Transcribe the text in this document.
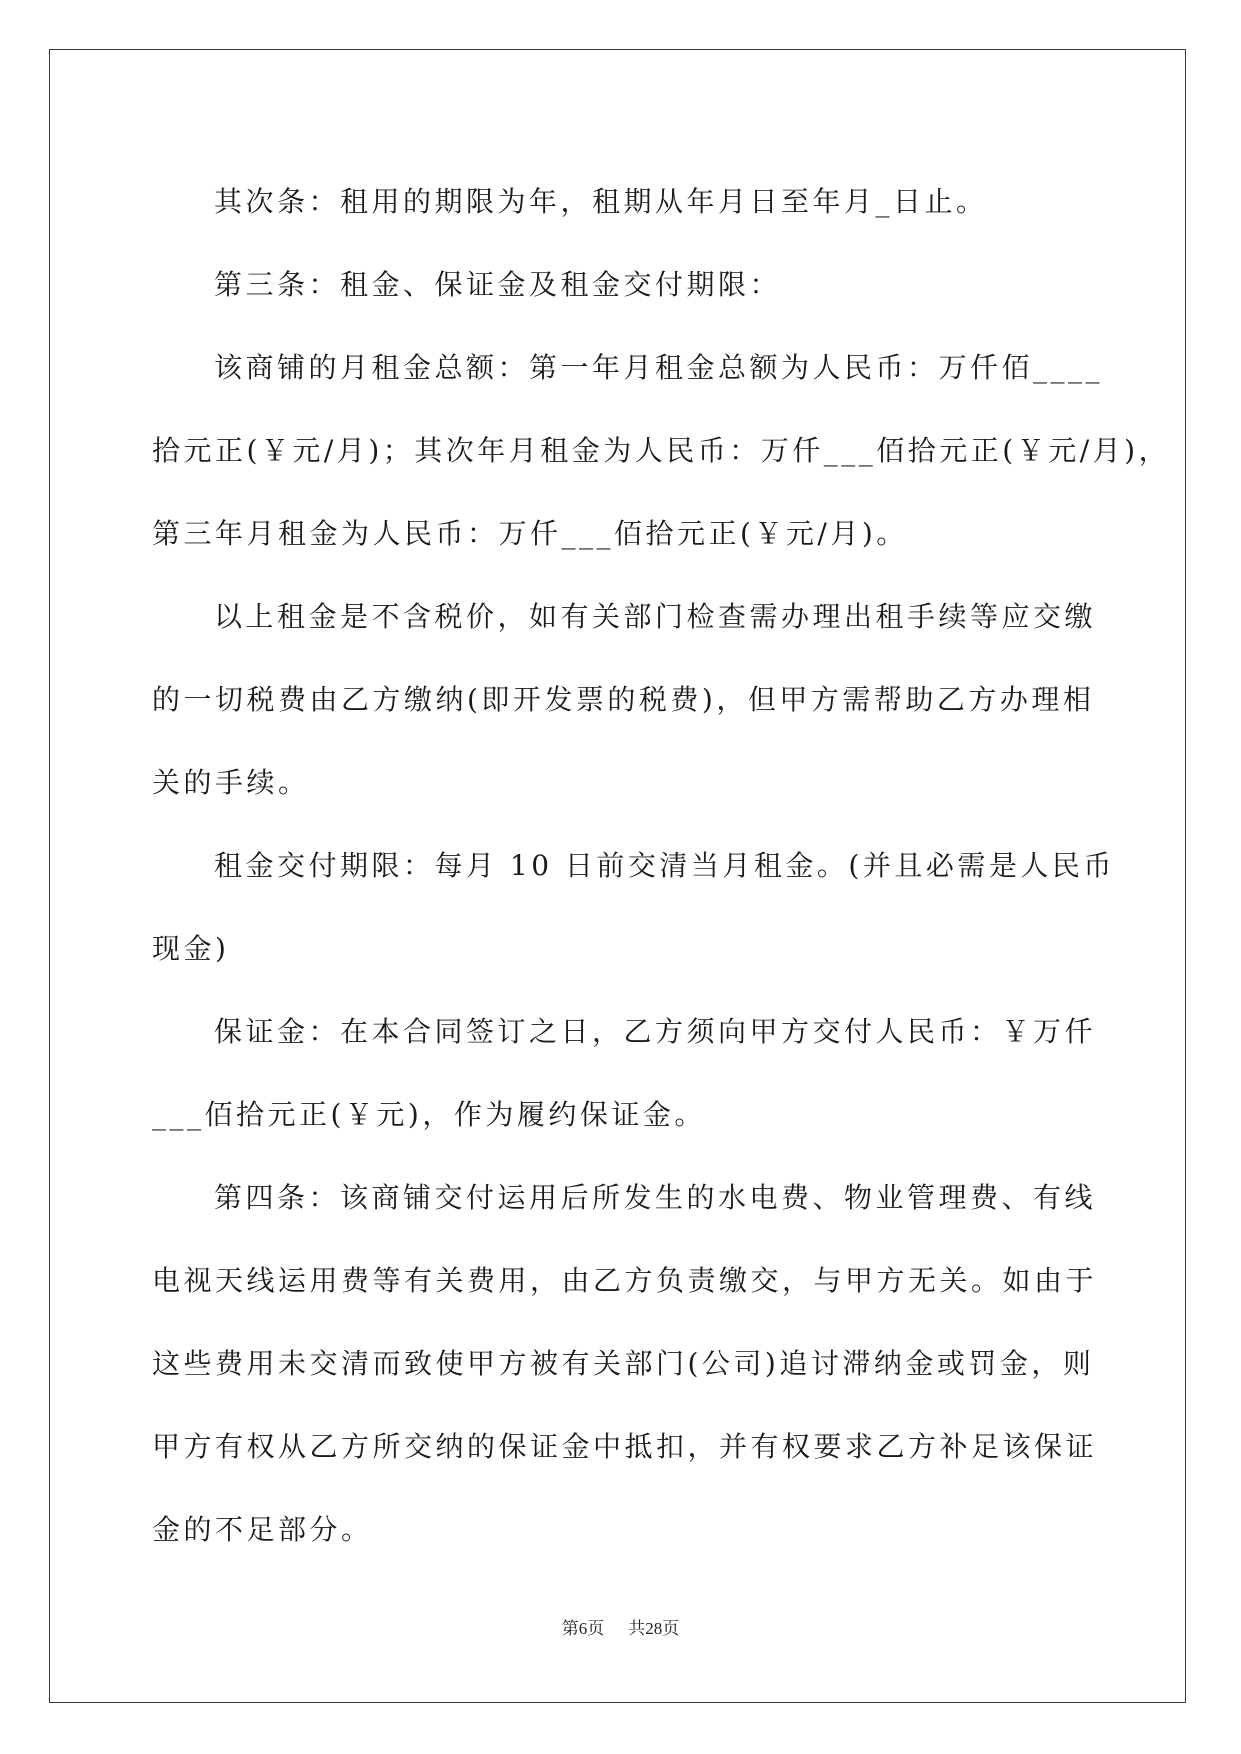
其次条：租用的期限为年，租期从年月日至年月_日止。

第三条：租金、保证金及租金交付期限：

该商铺的月租金总额：第一年月租金总额为人民币：万仟佰____
拾元正(￥元/月)；其次年月租金为人民币：万仟___佰拾元正(￥元/月)，
第三年月租金为人民币：万仟___佰拾元正(￥元/月)。

以上租金是不含税价，如有关部门检查需办理出租手续等应交缴
的一切税费由乙方缴纳(即开发票的税费)，但甲方需帮助乙方办理相
关的手续。

租金交付期限：每月 10 日前交清当月租金。(并且必需是人民币
现金)

保证金：在本合同签订之日，乙方须向甲方交付人民币：￥万仟
___佰拾元正(￥元)，作为履约保证金。

第四条：该商铺交付运用后所发生的水电费、物业管理费、有线
电视天线运用费等有关费用，由乙方负责缴交，与甲方无关。如由于
这些费用未交清而致使甲方被有关部门(公司)追讨滞纳金或罚金，则
甲方有权从乙方所交纳的保证金中抵扣，并有权要求乙方补足该保证
金的不足部分。

第6页 共28页
